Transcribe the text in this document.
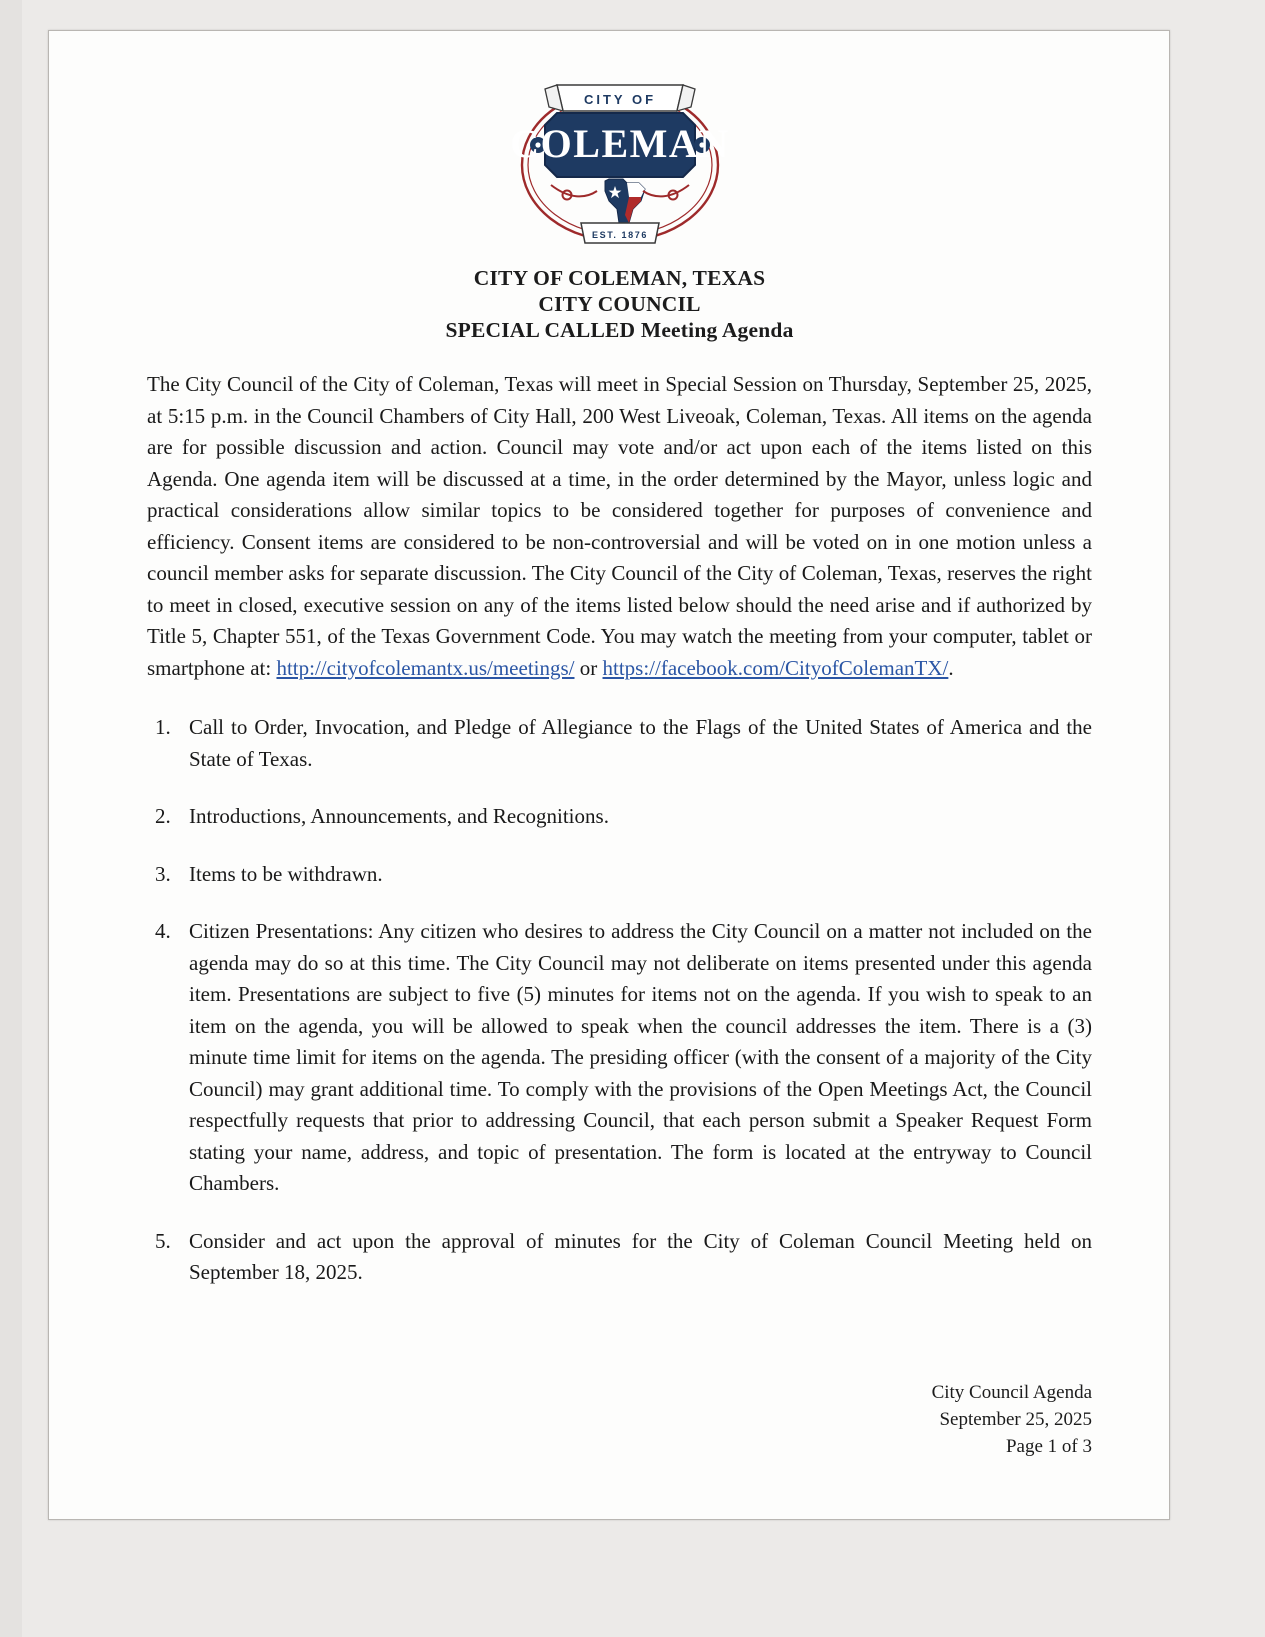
COLEMAN
CITY OF
EST. 1876
CITY OF COLEMAN, TEXAS
CITY COUNCIL
SPECIAL CALLED Meeting Agenda

The City Council of the City of Coleman, Texas will meet in Special Session on Thursday, September 25, 2025, at 5:15 p.m. in the Council Chambers of City Hall, 200 West Liveoak, Coleman, Texas. All items on the agenda are for possible discussion and action. Council may vote and/or act upon each of the items listed on this Agenda. One agenda item will be discussed at a time, in the order determined by the Mayor, unless logic and practical considerations allow similar topics to be considered together for purposes of convenience and efficiency. Consent items are considered to be non-controversial and will be voted on in one motion unless a council member asks for separate discussion. The City Council of the City of Coleman, Texas, reserves the right to meet in closed, executive session on any of the items listed below should the need arise and if authorized by Title 5, Chapter 551, of the Texas Government Code. You may watch the meeting from your computer, tablet or smartphone at: http://cityofcolemantx.us/meetings/ or https://facebook.com/CityofColemanTX/.

Call to Order, Invocation, and Pledge of Allegiance to the Flags of the United States of America and the State of Texas.
Introductions, Announcements, and Recognitions.
Items to be withdrawn.
Citizen Presentations: Any citizen who desires to address the City Council on a matter not included on the agenda may do so at this time. The City Council may not deliberate on items presented under this agenda item. Presentations are subject to five (5) minutes for items not on the agenda. If you wish to speak to an item on the agenda, you will be allowed to speak when the council addresses the item. There is a (3) minute time limit for items on the agenda. The presiding officer (with the consent of a majority of the City Council) may grant additional time. To comply with the provisions of the Open Meetings Act, the Council respectfully requests that prior to addressing Council, that each person submit a Speaker Request Form stating your name, address, and topic of presentation. The form is located at the entryway to Council Chambers.
Consider and act upon the approval of minutes for the City of Coleman Council Meeting held on September 18, 2025.
City Council Agenda
September 25, 2025
Page 1 of 3
